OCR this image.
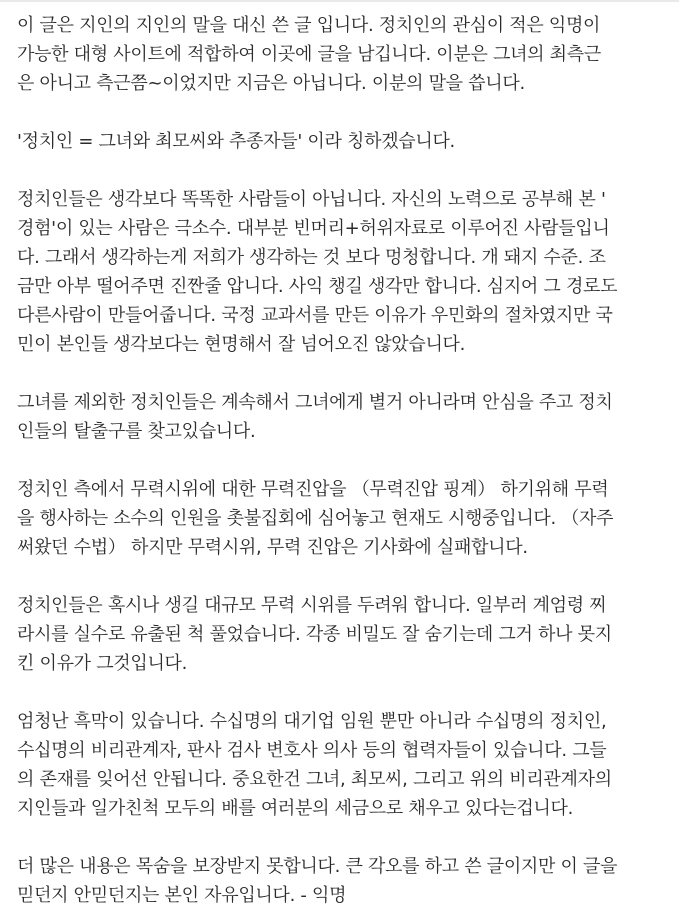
이 글은 지인의 지인의 말을 대신 쓴 글 입니다. 정치인의 관심이 적은 익명이
가능한 대형 사이트에 적합하여 이곳에 글을 남깁니다. 이분은 그녀의 최측근
은 아니고 측근쯤~이었지만 지금은 아닙니다. 이분의 말을 씁니다.
'정치인 = 그녀와 최모씨와 추종자들' 이라 칭하겠습니다.
정치인들은 생각보다 똑똑한 사람들이 아닙니다. 자신의 노력으로 공부해 본 '
경험'이 있는 사람은 극소수. 대부분 빈머리+허위자료로 이루어진 사람들입니
다. 그래서 생각하는게 저희가 생각하는 것 보다 멍청합니다. 개 돼지 수준. 조
금만 아부 떨어주면 진짠줄 압니다. 사익 챙길 생각만 합니다. 심지어 그 경로도
다른사람이 만들어줍니다. 국정 교과서를 만든 이유가 우민화의 절차였지만 국
민이 본인들 생각보다는 현명해서 잘 넘어오진 않았습니다.
그녀를 제외한 정치인들은 계속해서 그녀에게 별거 아니라며 안심을 주고 정치
인들의 탈출구를 찾고있습니다.
정치인 측에서 무력시위에 대한 무력진압을 （무력진압 핑계） 하기위해 무력
을 행사하는 소수의 인원을 촛불집회에 심어놓고 현재도 시행중입니다. （자주
써왔던 수법） 하지만 무력시위, 무력 진압은 기사화에 실패합니다.
정치인들은 혹시나 생길 대규모 무력 시위를 두려워 합니다. 일부러 계엄령 찌
라시를 실수로 유출된 척 풀었습니다. 각종 비밀도 잘 숨기는데 그거 하나 못지
킨 이유가 그것입니다.
엄청난 흑막이 있습니다. 수십명의 대기업 임원 뿐만 아니라 수십명의 정치인,
수십명의 비리관계자, 판사 검사 변호사 의사 등의 협력자들이 있습니다. 그들
의 존재를 잊어선 안됩니다. 중요한건 그녀, 최모씨, 그리고 위의 비리관계자의
지인들과 일가친척 모두의 배를 여러분의 세금으로 채우고 있다는겁니다.
더 많은 내용은 목숨을 보장받지 못합니다. 큰 각오를 하고 쓴 글이지만 이 글을
믿던지 안믿던지는 본인 자유입니다. - 익명
